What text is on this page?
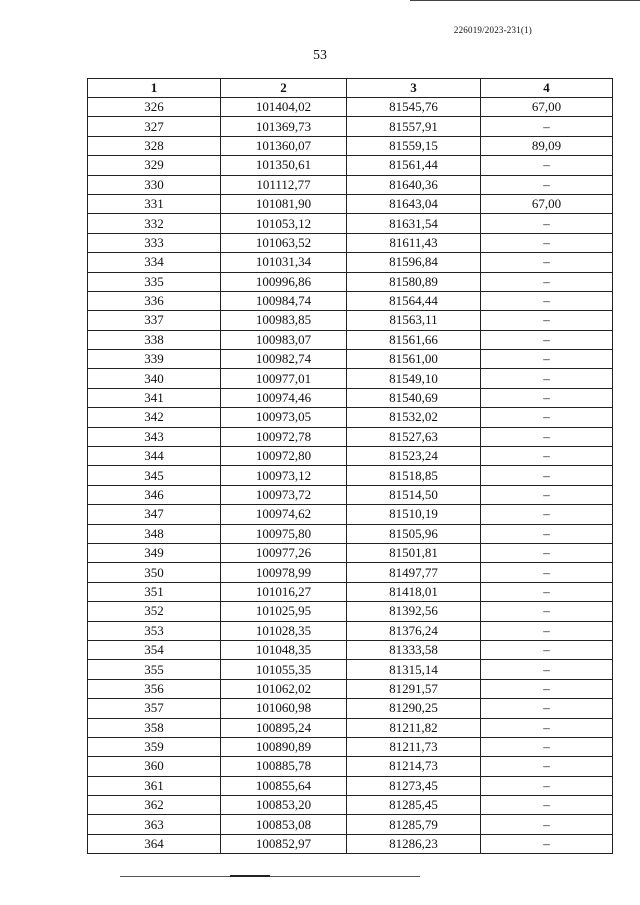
226019/2023-231(1)
53
1	2	3	4
326	101404,02	81545,76	67,00
327	101369,73	81557,91	–
328	101360,07	81559,15	89,09
329	101350,61	81561,44	–
330	101112,77	81640,36	–
331	101081,90	81643,04	67,00
332	101053,12	81631,54	–
333	101063,52	81611,43	–
334	101031,34	81596,84	–
335	100996,86	81580,89	–
336	100984,74	81564,44	–
337	100983,85	81563,11	–
338	100983,07	81561,66	–
339	100982,74	81561,00	–
340	100977,01	81549,10	–
341	100974,46	81540,69	–
342	100973,05	81532,02	–
343	100972,78	81527,63	–
344	100972,80	81523,24	–
345	100973,12	81518,85	–
346	100973,72	81514,50	–
347	100974,62	81510,19	–
348	100975,80	81505,96	–
349	100977,26	81501,81	–
350	100978,99	81497,77	–
351	101016,27	81418,01	–
352	101025,95	81392,56	–
353	101028,35	81376,24	–
354	101048,35	81333,58	–
355	101055,35	81315,14	–
356	101062,02	81291,57	–
357	101060,98	81290,25	–
358	100895,24	81211,82	–
359	100890,89	81211,73	–
360	100885,78	81214,73	–
361	100855,64	81273,45	–
362	100853,20	81285,45	–
363	100853,08	81285,79	–
364	100852,97	81286,23	–
